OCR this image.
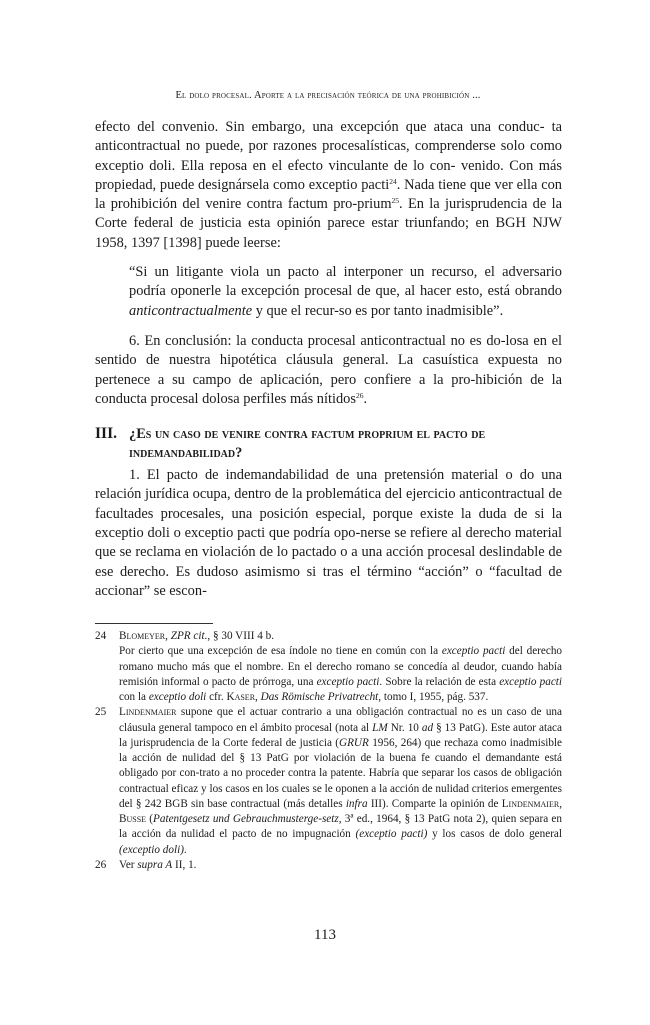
El dolo procesal. Aporte a la precisación teórica de una prohibición ...

efecto del convenio. Sin embargo, una excepción que ataca una conduc- ta anticontractual no puede, por razones procesalísticas, comprenderse solo como exceptio doli. Ella reposa en el efecto vinculante de lo con- venido. Con más propiedad, puede designársela como exceptio pacti$^{24}$. Nada tiene que ver ella con la prohibición del venire contra factum pro-prium$^{25}$. En la jurisprudencia de la Corte federal de justicia esta opinión parece estar triunfando; en BGH NJW 1958, 1397 [1398] puede leerse:

“Si un litigante viola un pacto al interponer un recurso, el adversario podría oponerle la excepción procesal de que, al hacer esto, está obrando anticontractualmente y que el recur-so es por tanto inadmisible”.

6. En conclusión: la conducta procesal anticontractual no es do-losa en el sentido de nuestra hipotética cláusula general. La casuística expuesta no pertenece a su campo de aplicación, pero confiere a la pro-hibición de la conducta procesal dolosa perfiles más nítidos$^{26}$.

III. ¿Es un caso de venire contra factum proprium el pacto de indemandabilidad?

1. El pacto de indemandabilidad de una pretensión material o do una relación jurídica ocupa, dentro de la problemática del ejercicio anticontractual de facultades procesales, una posición especial, porque existe la duda de si la exceptio doli o exceptio pacti que podría opo-nerse se refiere al derecho material que se reclama en violación de lo pactado o a una acción procesal deslindable de ese derecho. Es dudoso asimismo si tras el término “acción” o “facultad de accionar” se escon-

24	Blomeyer, ZPR cit., § 30 VIII 4 b.

Por cierto que una excepción de esa índole no tiene en común con la exceptio pacti del derecho romano mucho más que el nombre. En el derecho romano se concedía al deudor, cuando había remisión informal o pacto de prórroga, una exceptio pacti. Sobre la relación de esta exceptio pacti con la exceptio doli cfr. Kaser, Das Römische Privatrecht, tomo I, 1955, pág. 537.

25	Lindenmaier supone que el actuar contrario a una obligación contractual no es un caso de una cláusula general tampoco en el ámbito procesal (nota al LM Nr. 10 ad § 13 PatG). Este autor ataca la jurisprudencia de la Corte federal de justicia (GRUR 1956, 264) que rechaza como inadmisible la acción de nulidad del § 13 PatG por violación de la buena fe cuando el demandante está obligado por con-trato a no proceder contra la patente. Habría que separar los casos de obligación contractual eficaz y los casos en los cuales se le oponen a la acción de nulidad criterios emergentes del § 242 BGB sin base contractual (más detalles infra III). Comparte la opinión de Lindenmaier, Busse (Patentgesetz und Gebrauchmusterge-setz, 3ª ed., 1964, § 13 PatG nota 2), quien separa en la acción da nulidad el pacto de no impugnación (exceptio pacti) y los casos de dolo general (exceptio doli).

26	Ver supra A II, 1.

113
